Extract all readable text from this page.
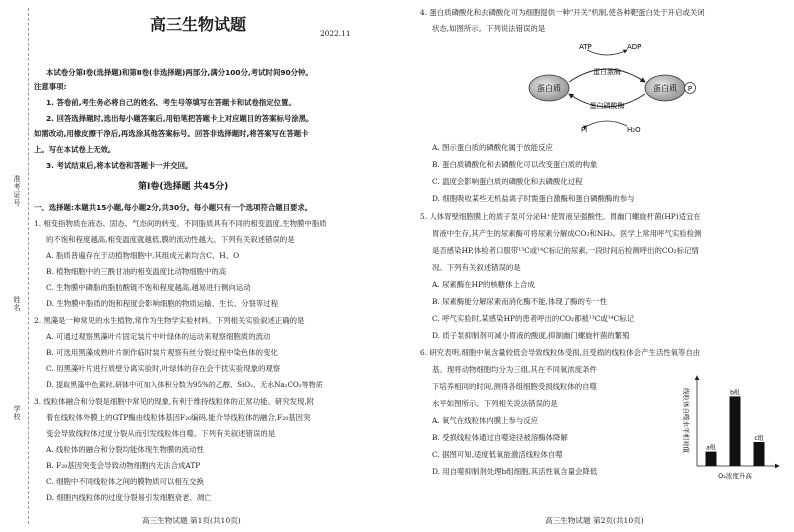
高三生物试题	2022.11
准考证号
姓名
学校
本试卷分第Ⅰ卷(选择题)和第Ⅱ卷(非选择题)两部分,满分100分,考试时间90分钟。
注意事项:
1. 答卷前,考生务必将自己的姓名、考生号等填写在答题卡和试卷指定位置。
2. 回答选择题时,选出每小题答案后,用铅笔把答题卡上对应题目的答案标号涂黑。
如需改动,用橡皮擦干净后,再选涂其他答案标号。回答非选择题时,将答案写在答题卡
上。写在本试卷上无效。
3. 考试结束后,将本试卷和答题卡一并交回。
第Ⅰ卷(选择题 共45分)
一、选择题:本题共15小题,每小题2分,共30分。每小题只有一个选项符合题目要求。
1. 相变指物质在液态、固态、气态间的转变。不同脂质具有不同的相变温度,生物膜中脂质
的不饱和程度越高,相变温度就越低,膜的流动性越大。下列有关叙述错误的是
A. 脂质普遍存在于动植物细胞中,其组成元素均含C、H、O
B. 植物细胞中的三酰甘油的相变温度比动物细胞中的高
C. 生物膜中磷脂的脂肪酸链不饱和程度越高,越易进行侧向运动
D. 生物膜中脂质的饱和程度会影响细胞的物质运输、生长、分裂等过程
2. 黑藻是一种常见的水生植物,常作为生物学实验材料。下列相关实验叙述正确的是
A. 可通过观察黑藻叶片固定装片中叶绿体的运动来观察细胞质的流动
B. 可选用黑藻成熟叶片制作临时装片观察有丝分裂过程中染色体的变化
C. 用黑藻叶片进行质壁分离实验时,叶绿体的存在会干扰实验现象的观察
D. 提取黑藻中色素时,研钵中可加入体积分数为95%的乙醇、SiO₂、无水Na₂CO₃等物质
3. 线粒体融合和分裂是细胞中常见的现象,有利于维持线粒体的正常功能。研究发现,附
着在线粒体外膜上的GTP酶由线粒体基因F₂₀编码,能介导线粒体的融合,F₂₀基因突
变会导致线粒体过度分裂从而引发线粒体自噬。下列有关叙述错误的是
A. 线粒体的融合和分裂均能体现生物膜的流动性
B. F₂₀基因突变会导致动物细胞内无法合成ATP
C. 细胞中不同线粒体之间的膜物质可以相互交换
D. 细胞内线粒体的过度分裂易引发细胞衰老、凋亡
高三生物试题 第1页(共10页)
4. 蛋白质磷酸化和去磷酸化可为细胞提供一种"开关"机制,使各种靶蛋白处于开启或关闭
状态,如图所示。下列说法错误的是
蛋白质	蛋白质 P
ATP	ADP
蛋白激酶
蛋白磷酸酶
Pi	H₂O
A. 图示蛋白质的磷酸化属于放能反应
B. 蛋白质磷酸化和去磷酸化可以改变蛋白质的构象
C. 温度会影响蛋白质的磷酸化和去磷酸化过程
D. 细胞吸收某些无机盐离子时需蛋白激酶和蛋白磷酸酶的参与
5. 人体胃壁细胞膜上的质子泵可分泌H⁺使胃液呈强酸性。胃幽门螺旋杆菌(HP)适宜在
胃液中生存,其产生的尿素酶可将尿素分解成CO₂和NH₃。医学上常用呼气实验检测
是否感染HP,体检者口服带¹³C或¹⁴C标记的尿素,一段时间后检测呼出的CO₂标记情
况。下列有关叙述错误的是
A. 尿素酶在HP的核糖体上合成
B. 尿素酶能分解尿素而消化酶不能,体现了酶的专一性
C. 呼气实验时,某感染HP的患者呼出的CO₂都被¹³C或¹⁴C标记
D. 质子泵抑制剂可减小胃液的酸度,抑制幽门螺旋杆菌的繁殖
6. 研究表明,细胞中氧含量较低会导致线粒体受损,且受损的线粒体会产生活性氧等自由
基。现将动物细胞均分为三组,其在不同氧浓度条件
下培养相同的时间,测得各组细胞受损线粒体的自噬
水平如图所示。下列相关说法错误的是
A. 氧气在线粒体内膜上参与反应
B. 受损线粒体通过自噬途径被溶酶体降解
C. 据图可知,适度低氧能激活线粒体自噬
D. 用自噬抑制剂处理b组细胞,其活性氧含量会降低
线粒体自噬水平相对值	a组
b组
c组
O₂浓度升高
高三生物试题 第2页(共10页)
